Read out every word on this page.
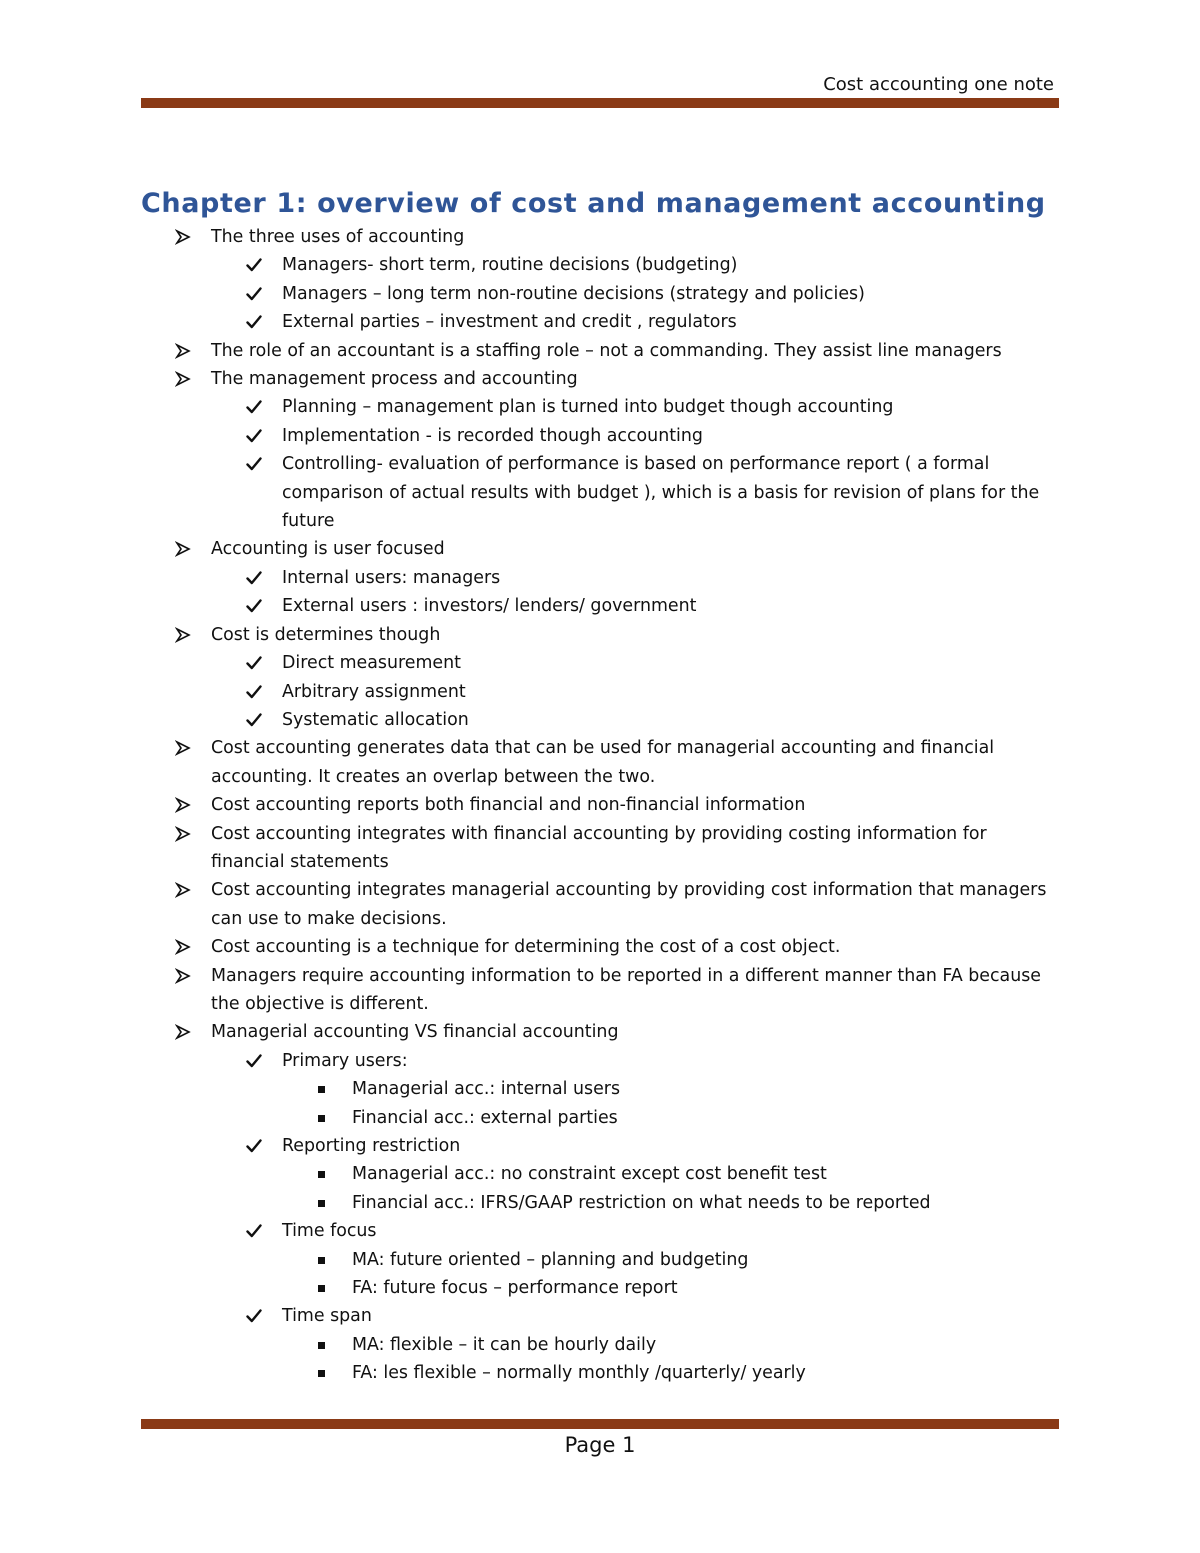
Cost accounting one note
Chapter 1: overview of cost and management accounting
The three uses of accounting
Managers- short term, routine decisions (budgeting)
Managers – long term non-routine decisions (strategy and policies)
External parties – investment and credit , regulators
The role of an accountant is a staffing role – not a commanding. They assist line managers
The management process and accounting
Planning – management plan is turned into budget though accounting
Implementation - is recorded though accounting
Controlling- evaluation of performance is based on performance report ( a formal
comparison of actual results with budget ), which is a basis for revision of plans for the
future
Accounting is user focused
Internal users: managers
External users : investors/ lenders/ government
Cost is determines though
Direct measurement
Arbitrary assignment
Systematic allocation
Cost accounting generates data that can be used for managerial accounting and financial
accounting. It creates an overlap between the two.
Cost accounting reports both financial and non-financial information
Cost accounting integrates with financial accounting by providing costing information for
financial statements
Cost accounting integrates managerial accounting by providing cost information that managers
can use to make decisions.
Cost accounting is a technique for determining the cost of a cost object.
Managers require accounting information to be reported in a different manner than FA because
the objective is different.
Managerial accounting VS financial accounting
Primary users:
Managerial acc.: internal users
Financial acc.: external parties
Reporting restriction
Managerial acc.: no constraint except cost benefit test
Financial acc.: IFRS/GAAP restriction on what needs to be reported
Time focus
MA: future oriented – planning and budgeting
FA: future focus – performance report
Time span
MA: flexible – it can be hourly daily
FA: les flexible – normally monthly /quarterly/ yearly
Page 1
